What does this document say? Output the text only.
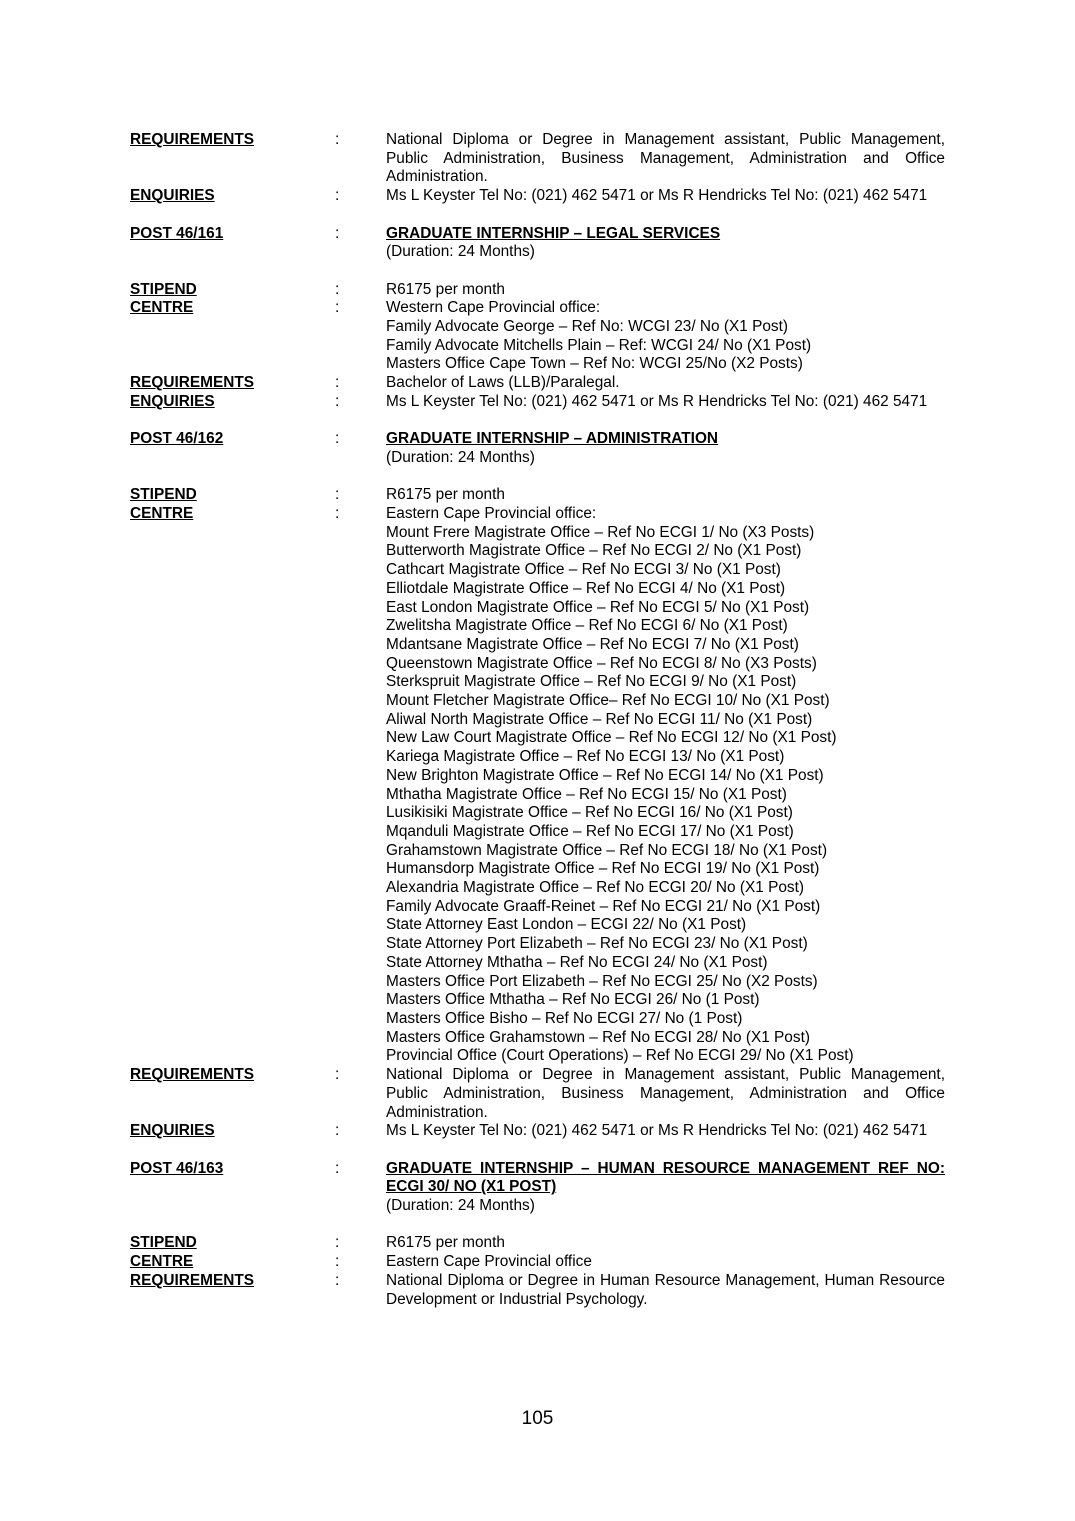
REQUIREMENTS	:	National Diploma or Degree in Management assistant, Public Management, Public Administration, Business Management, Administration and Office Administration.
ENQUIRIES	:	Ms L Keyster Tel No: (021) 462 5471 or Ms R Hendricks Tel No: (021) 462 5471
POST 46/161	:	GRADUATE INTERNSHIP – LEGAL SERVICES
(Duration: 24 Months)
STIPEND	:	R6175 per month
CENTRE	:	Western Cape Provincial office:
Family Advocate George – Ref No: WCGI 23/ No (X1 Post)
Family Advocate Mitchells Plain – Ref: WCGI 24/ No (X1 Post)
Masters Office Cape Town – Ref No: WCGI 25/No (X2 Posts)
REQUIREMENTS	:	Bachelor of Laws (LLB)/Paralegal.
ENQUIRIES	:	Ms L Keyster Tel No: (021) 462 5471 or Ms R Hendricks Tel No: (021) 462 5471
POST 46/162	:	GRADUATE INTERNSHIP – ADMINISTRATION
(Duration: 24 Months)
STIPEND	:	R6175 per month
CENTRE	:	Eastern Cape Provincial office:
Mount Frere Magistrate Office – Ref No ECGI 1/ No (X3 Posts)
Butterworth Magistrate Office – Ref No ECGI 2/ No (X1 Post)
Cathcart Magistrate Office – Ref No ECGI 3/ No (X1 Post)
Elliotdale Magistrate Office – Ref No ECGI 4/ No (X1 Post)
East London Magistrate Office – Ref No ECGI 5/ No (X1 Post)
Zwelitsha Magistrate Office – Ref No ECGI 6/ No (X1 Post)
Mdantsane Magistrate Office – Ref No ECGI 7/ No (X1 Post)
Queenstown Magistrate Office – Ref No ECGI 8/ No (X3 Posts)
Sterkspruit Magistrate Office – Ref No ECGI 9/ No (X1 Post)
Mount Fletcher Magistrate Office– Ref No ECGI 10/ No (X1 Post)
Aliwal North Magistrate Office – Ref No ECGI 11/ No (X1 Post)
New Law Court Magistrate Office – Ref No ECGI 12/ No (X1 Post)
Kariega Magistrate Office – Ref No ECGI 13/ No (X1 Post)
New Brighton Magistrate Office – Ref No ECGI 14/ No (X1 Post)
Mthatha Magistrate Office – Ref No ECGI 15/ No (X1 Post)
Lusikisiki Magistrate Office – Ref No ECGI 16/ No (X1 Post)
Mqanduli Magistrate Office – Ref No ECGI 17/ No (X1 Post)
Grahamstown Magistrate Office – Ref No ECGI 18/ No (X1 Post)
Humansdorp Magistrate Office – Ref No ECGI 19/ No (X1 Post)
Alexandria Magistrate Office – Ref No ECGI 20/ No (X1 Post)
Family Advocate Graaff-Reinet – Ref No ECGI 21/ No (X1 Post)
State Attorney East London – ECGI 22/ No (X1 Post)
State Attorney Port Elizabeth – Ref No ECGI 23/ No (X1 Post)
State Attorney Mthatha – Ref No ECGI 24/ No (X1 Post)
Masters Office Port Elizabeth – Ref No ECGI 25/ No (X2 Posts)
Masters Office Mthatha – Ref No ECGI 26/ No (1 Post)
Masters Office Bisho – Ref No ECGI 27/ No (1 Post)
Masters Office Grahamstown – Ref No ECGI 28/ No (X1 Post)
Provincial Office (Court Operations) – Ref No ECGI 29/ No (X1 Post)
REQUIREMENTS	:	National Diploma or Degree in Management assistant, Public Management, Public Administration, Business Management, Administration and Office Administration.
ENQUIRIES	:	Ms L Keyster Tel No: (021) 462 5471 or Ms R Hendricks Tel No: (021) 462 5471
POST 46/163	:	GRADUATE INTERNSHIP – HUMAN RESOURCE MANAGEMENT REF NO: ECGI 30/ NO (X1 POST)
(Duration: 24 Months)
STIPEND	:	R6175 per month
CENTRE	:	Eastern Cape Provincial office
REQUIREMENTS	:	National Diploma or Degree in Human Resource Management, Human Resource Development or Industrial Psychology.
105
